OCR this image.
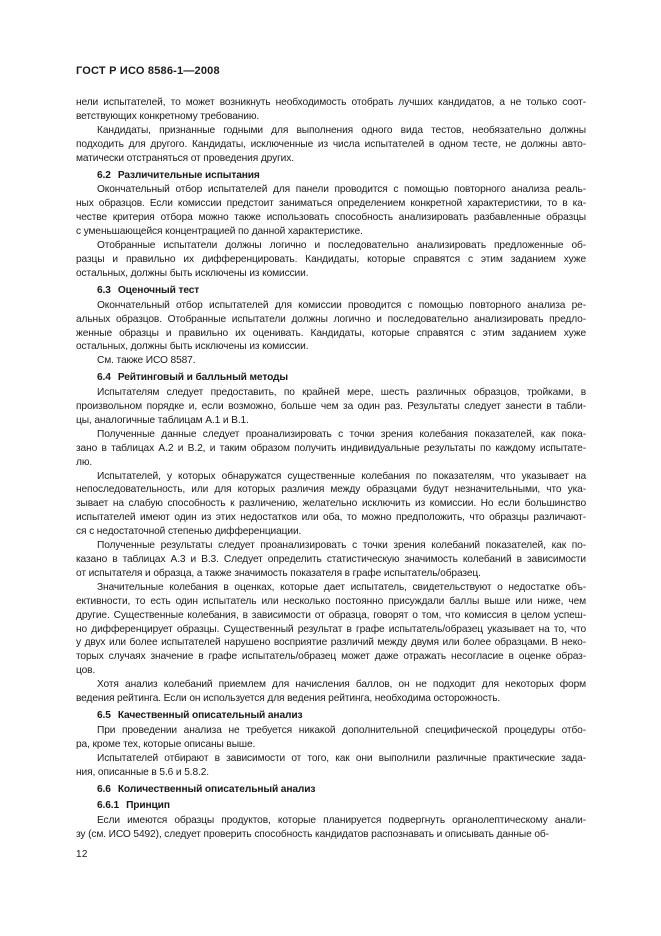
ГОСТ Р ИСО 8586-1—2008

нели испытателей, то может возникнуть необходимость отобрать лучших кандидатов, а не только соот-
ветствующих конкретному требованию.

Кандидаты, признанные годными для выполнения одного вида тестов, необязательно должны
подходить для другого. Кандидаты, исключенные из числа испытателей в одном тесте, не должны авто-
матически отстраняться от проведения других.

6.2 Различительные испытания

Окончательный отбор испытателей для панели проводится с помощью повторного анализа реаль-
ных образцов. Если комиссии предстоит заниматься определением конкретной характеристики, то в ка-
честве критерия отбора можно также использовать способность анализировать разбавленные образцы
с уменьшающейся концентрацией по данной характеристике.

Отобранные испытатели должны логично и последовательно анализировать предложенные об-
разцы и правильно их дифференцировать. Кандидаты, которые справятся с этим заданием хуже
остальных, должны быть исключены из комиссии.

6.3 Оценочный тест

Окончательный отбор испытателей для комиссии проводится с помощью повторного анализа ре-
альных образцов. Отобранные испытатели должны логично и последовательно анализировать предло-
женные образцы и правильно их оценивать. Кандидаты, которые справятся с этим заданием хуже
остальных, должны быть исключены из комиссии.

См. также ИСО 8587.

6.4 Рейтинговый и балльный методы

Испытателям следует предоставить, по крайней мере, шесть различных образцов, тройками, в
произвольном порядке и, если возможно, больше чем за один раз. Результаты следует занести в табли-
цы, аналогичные таблицам А.1 и В.1.

Полученные данные следует проанализировать с точки зрения колебания показателей, как пока-
зано в таблицах А.2 и В.2, и таким образом получить индивидуальные результаты по каждому испытате-
лю.

Испытателей, у которых обнаружатся существенные колебания по показателям, что указывает на
непоследовательность, или для которых различия между образцами будут незначительными, что ука-
зывает на слабую способность к различению, желательно исключить из комиссии. Но если большинство
испытателей имеют один из этих недостатков или оба, то можно предположить, что образцы различают-
ся с недостаточной степенью дифференциации.

Полученные результаты следует проанализировать с точки зрения колебаний показателей, как по-
казано в таблицах А.3 и В.3. Следует определить статистическую значимость колебаний в зависимости
от испытателя и образца, а также значимость показателя в графе испытатель/образец.

Значительные колебания в оценках, которые дает испытатель, свидетельствуют о недостатке объ-
ективности, то есть один испытатель или несколько постоянно присуждали баллы выше или ниже, чем
другие. Существенные колебания, в зависимости от образца, говорят о том, что комиссия в целом успеш-
но дифференцирует образцы. Существенный результат в графе испытатель/образец указывает на то, что
у двух или более испытателей нарушено восприятие различий между двумя или более образцами. В неко-
торых случаях значение в графе испытатель/образец может даже отражать несогласие в оценке образ-
цов.

Хотя анализ колебаний приемлем для начисления баллов, он не подходит для некоторых форм
ведения рейтинга. Если он используется для ведения рейтинга, необходима осторожность.

6.5 Качественный описательный анализ

При проведении анализа не требуется никакой дополнительной специфической процедуры отбо-
ра, кроме тех, которые описаны выше.

Испытателей отбирают в зависимости от того, как они выполнили различные практические зада-
ния, описанные в 5.6 и 5.8.2.

6.6 Количественный описательный анализ

6.6.1 Принцип

Если имеются образцы продуктов, которые планируется подвергнуть органолептическому анали-
зу (см. ИСО 5492), следует проверить способность кандидатов распознавать и описывать данные об-

12
